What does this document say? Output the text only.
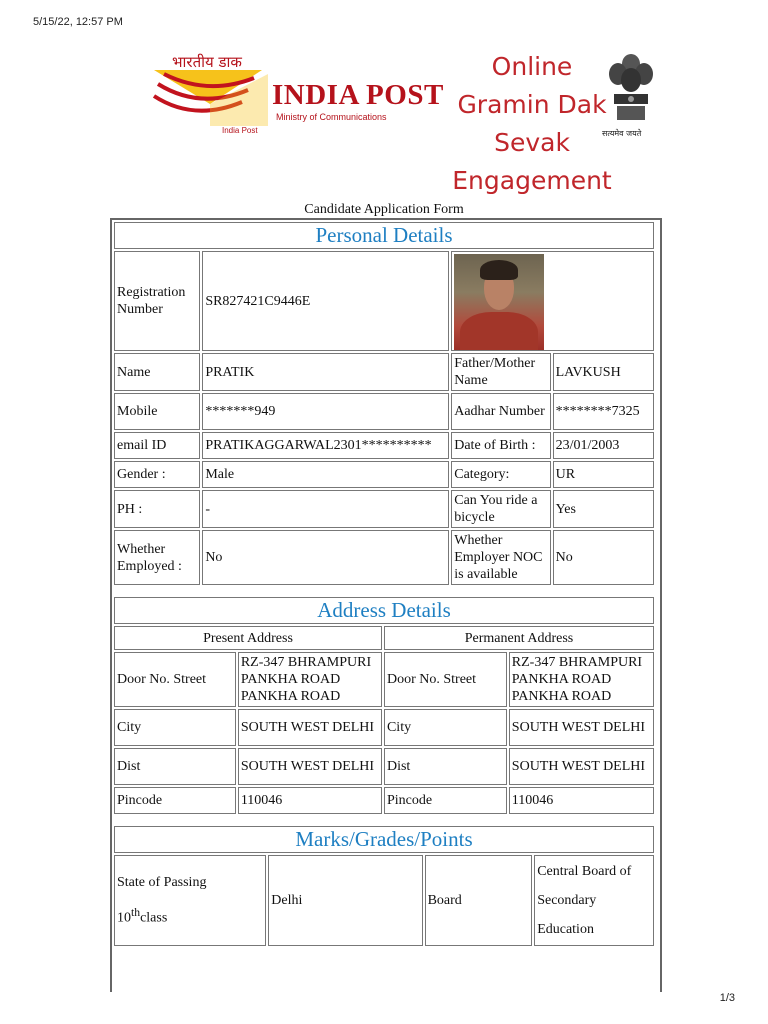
5/15/22, 12:57 PM
भारतीय डाक
INDIA POST
Ministry of Communications
India Post
Online
Gramin Dak
Sevak
Engagement
सत्यमेव जयते
Candidate Application Form
Personal Details			
Registration Number	SR827421C9446E		

Name	PRATIK	Father/Mother Name	LAVKUSH
Mobile	*******949	Aadhar Number	********7325
email ID	PRATIKAGGARWAL2301**********	Date of Birth :	23/01/2003
Gender :	Male	Category:	UR
PH :	-	Can You ride a bicycle	Yes
Whether Employed :	No	Whether Employer NOC is available	No
Address Details			
Present Address		Permanent Address	
Door No. Street	RZ-347 BHRAMPURI PANKHA ROAD PANKHA ROAD	Door No. Street	RZ-347 BHRAMPURI PANKHA ROAD PANKHA ROAD
City	SOUTH WEST DELHI	City	SOUTH WEST DELHI
Dist	SOUTH WEST DELHI	Dist	SOUTH WEST DELHI
Pincode	110046	Pincode	110046
Marks/Grades/Points
State of Passing
10thclass	Delhi	Board	Central Board of Secondary Education
1/3
